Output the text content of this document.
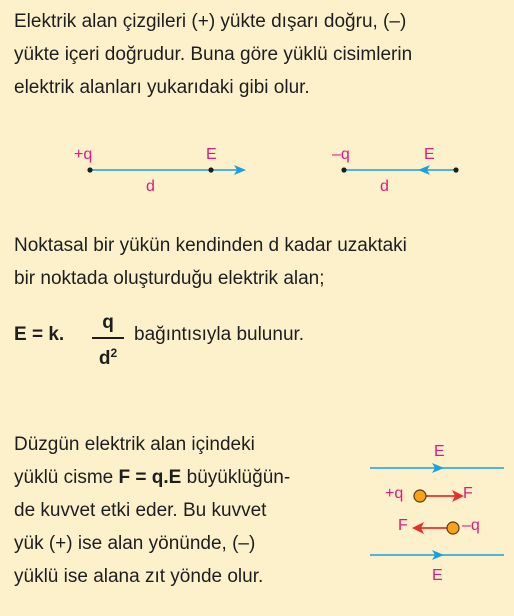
Elektrik alan çizgileri (+) yükte dışarı doğru, (–)
yükte içeri doğrudur. Buna göre yüklü cisimlerin
elektrik alanları yukarıdaki gibi olur.
+q	E
d
–q	E
d
Noktasal bir yükün kendinden d kadar uzaktaki
bir noktada oluşturduğu elektrik alan;
E = k.
q
$d^2$
bağıntısıyla bulunur.
Düzgün elektrik alan içindeki
yüklü cisme F = q.E büyüklüğün-
de kuvvet etki eder. Bu kuvvet
yük (+) ise alan yönünde, (–)
yüklü ise alana zıt yönde olur.
E
+q	F
F	–q
E
